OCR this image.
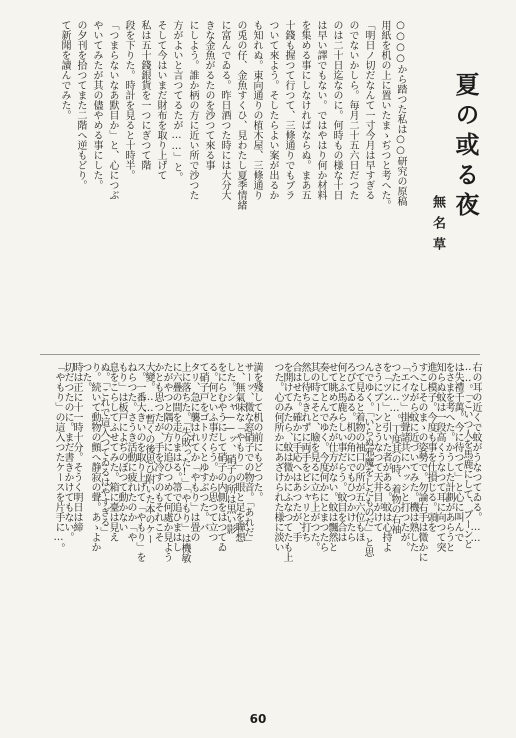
夏の或る夜
無名草
○○○○から踏つた私は○○研究の原稿
用紙を机の上に置いたまゝぢつと考へた。
「明日ノ切だなんて一寸今月は早すぎる
のでないかしら。毎月二十五六日だつた
のは二十日迄なのに。何時もの様な十日
は早い譯でもない。ではやはり何か材料
を集める事にしなければならぬ。まあ五
十錢も握つて行つて、三條通りでもブラ
ついて來よう。そしたらよい案が出るか
も知れぬ。東向通りの植木屋、三條通り
の兎の仔、金魚すくひ、見わたし夏季情緒
に富んでゐる。昨日酒つた時には大分大
きな金魚がるたのを沙つて來る事
にしよう。誰か柄の方に近い所で沙つた
方がよいと言つてるたが……」と。
そして今はいまだ財布を取り上げて
私は五十錢銀貨を一つにぎつて階
段を下りた。時計を見ると十時半。
「つまらないなあ默目か」と、心につぶ
やいてみたが其の儘やめる事にした。
の夕刊を拾つてまた二階へ逆もどり。
て新聞を讀んでみた。
右の耳の近くで蚊がうなつてゐる。……
……。「こいつ人を馬鹿にして、ブーンと
は失禮千萬。今に待つて」と心に叫んで
をさまを考へた。かうした計劃があらうと
知らぬ蚊は一段高くうなつて耳に向つて突
進の模子。今度も事を仕損じる。頭を
すこしそのまゝの姿勢で。勿論右手は微かに
うへながら蚊に近づいてみた。機は熟した
「エイツ」掛聲諸共にハッシと打つたが。
つたに……。丁度其の時、着物の右袖
を「ツン」と引いた者がある。蚊は心持よ
さうにブーンとうなつて天井目がけて
んでゆく。「いらぬ邪魔をしたものだ」と思
つて見ると着物の袖口の所が五六位もほ
ろびてゐる。机の角にでもひつかけたら
何とふ馬鹿らしい事だらう。蚊目を合は
せて眺めてみたが仕方がない。蚊は飄然と
奏してとんでゆく。今度何かにとまつたら
其の時こそと、瞼を見るに立ち上がつた。
然し待ちきれずに両手をピシャリと打ち
合はせた。確かに手応へはあつたが、手
を開けてみたら、蚊は微かにふなつてたも上
つた。心の何所かにあざけられた様に淡い
満を殘して机の前にもどつた。
サーッ、微な窓硝子での物音。「あれだ」
と、無氣味な「やもり」の眼と足を聯想
した。シャ――ッ、硝子の所は黒い影
をにらむやうにして硝子の内側をはつてゐ
る。何といふ事だらう。から思つて立つ
て硝子戸をゴトリくとゆすぶつた。バ
タリ、急に襲はれてか「やもり」は畳の
上に落ちた。「失敗った!」「やもり」は機敏
に六疊の間を走りまはる。箒で追ひまはし
たがやつと隅の方に追ひつめて何處か見よう
かとも思つたが、手を冷すのもそれこそ
大變。……暫くの後思ひ附いた本のケー
ス。一番大きいのを取り上げて「やもり」を
ねらつた。さうき活動に疲れたのか「や
もり」は板戸によぢのぼつて動かない
息をこらしてふせてみた。箱に臺は見え
ぬ。「これで這入つてゐるはやすぎる」
り。続いて動物の顫へ静寂の聲。あゝよか
つた。
時は正に十一時十分。そうく明日は締
切だつたのに。まだ書きかけてもない。
「やもり」の這入つたケースを片手に…。
60
